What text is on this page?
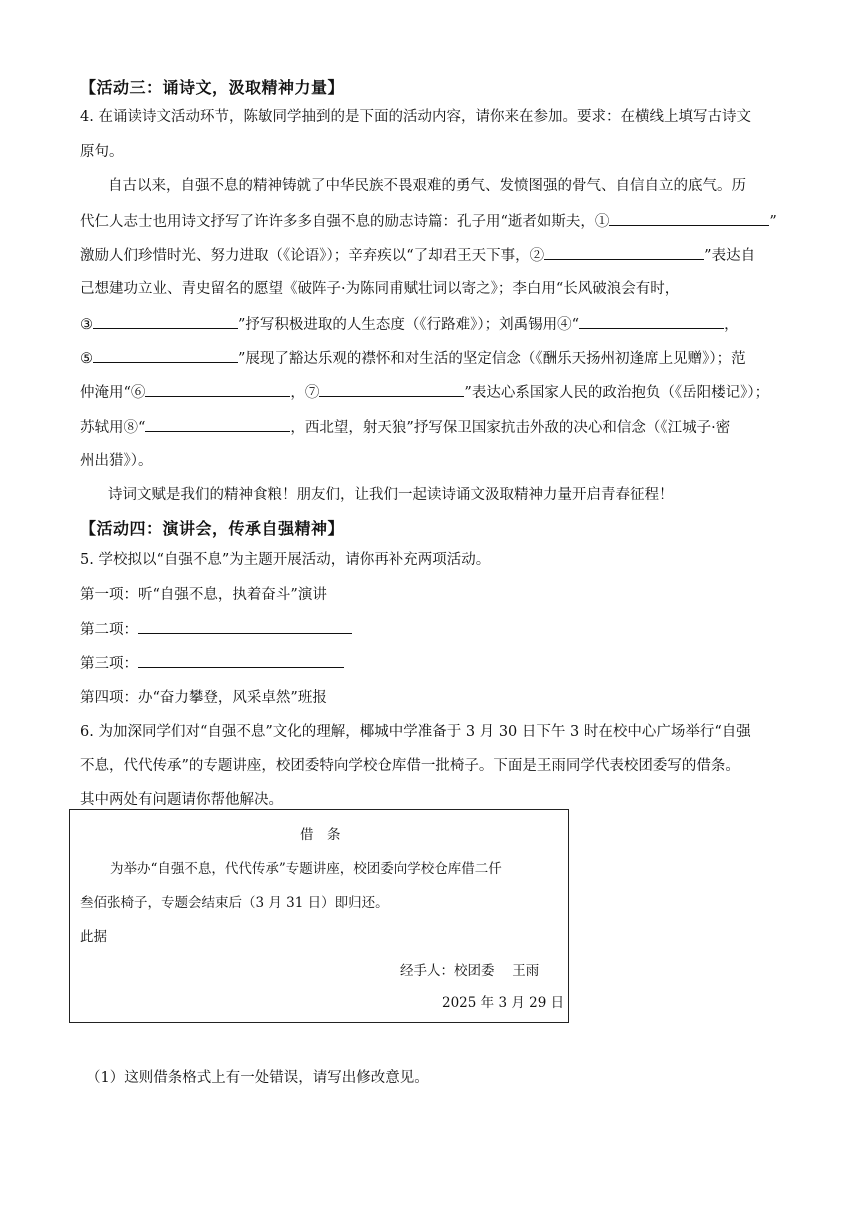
【活动三：诵诗文，汲取精神力量】
4. 在诵读诗文活动环节，陈敏同学抽到的是下面的活动内容，请你来在参加。要求：在横线上填写古诗文
原句。
自古以来，自强不息的精神铸就了中华民族不畏艰难的勇气、发愤图强的骨气、自信自立的底气。历
代仁人志士也用诗文抒写了许许多多自强不息的励志诗篇：孔子用“逝者如斯夫，①	”
激励人们珍惜时光、努力进取（《论语》）；辛弃疾以“了却君王天下事，②	”表达自
己想建功立业、青史留名的愿望《破阵子·为陈同甫赋壮词以寄之》；李白用“长风破浪会有时，
③	”抒写积极进取的人生态度（《行路难》）；刘禹锡用④“	，
⑤	”展现了豁达乐观的襟怀和对生活的坚定信念（《酬乐天扬州初逢席上见赠》）；范
仲淹用“⑥	，⑦	”表达心系国家人民的政治抱负（《岳阳楼记》）；
苏轼用⑧“	，西北望，射天狼”抒写保卫国家抗击外敌的决心和信念（《江城子·密
州出猎》）。
诗词文赋是我们的精神食粮！朋友们，让我们一起读诗诵文汲取精神力量开启青春征程！
【活动四：演讲会，传承自强精神】
5. 学校拟以“自强不息”为主题开展活动，请你再补充两项活动。
第一项：听“自强不息，执着奋斗”演讲
第二项：
第三项：
第四项：办“奋力攀登，风采卓然”班报
6. 为加深同学们对“自强不息”文化的理解，椰城中学准备于 3 月 30 日下午 3 时在校中心广场举行“自强
不息，代代传承”的专题讲座，校团委特向学校仓库借一批椅子。下面是王雨同学代表校团委写的借条。
其中两处有问题请你帮他解决。
借　条
为举办“自强不息，代代传承”专题讲座，校团委向学校仓库借二仟
叁佰张椅子，专题会结束后（3 月 31 日）即归还。
此据
经手人：校团委　 王雨
2025 年 3 月 29 日
（1）这则借条格式上有一处错误，请写出修改意见。
